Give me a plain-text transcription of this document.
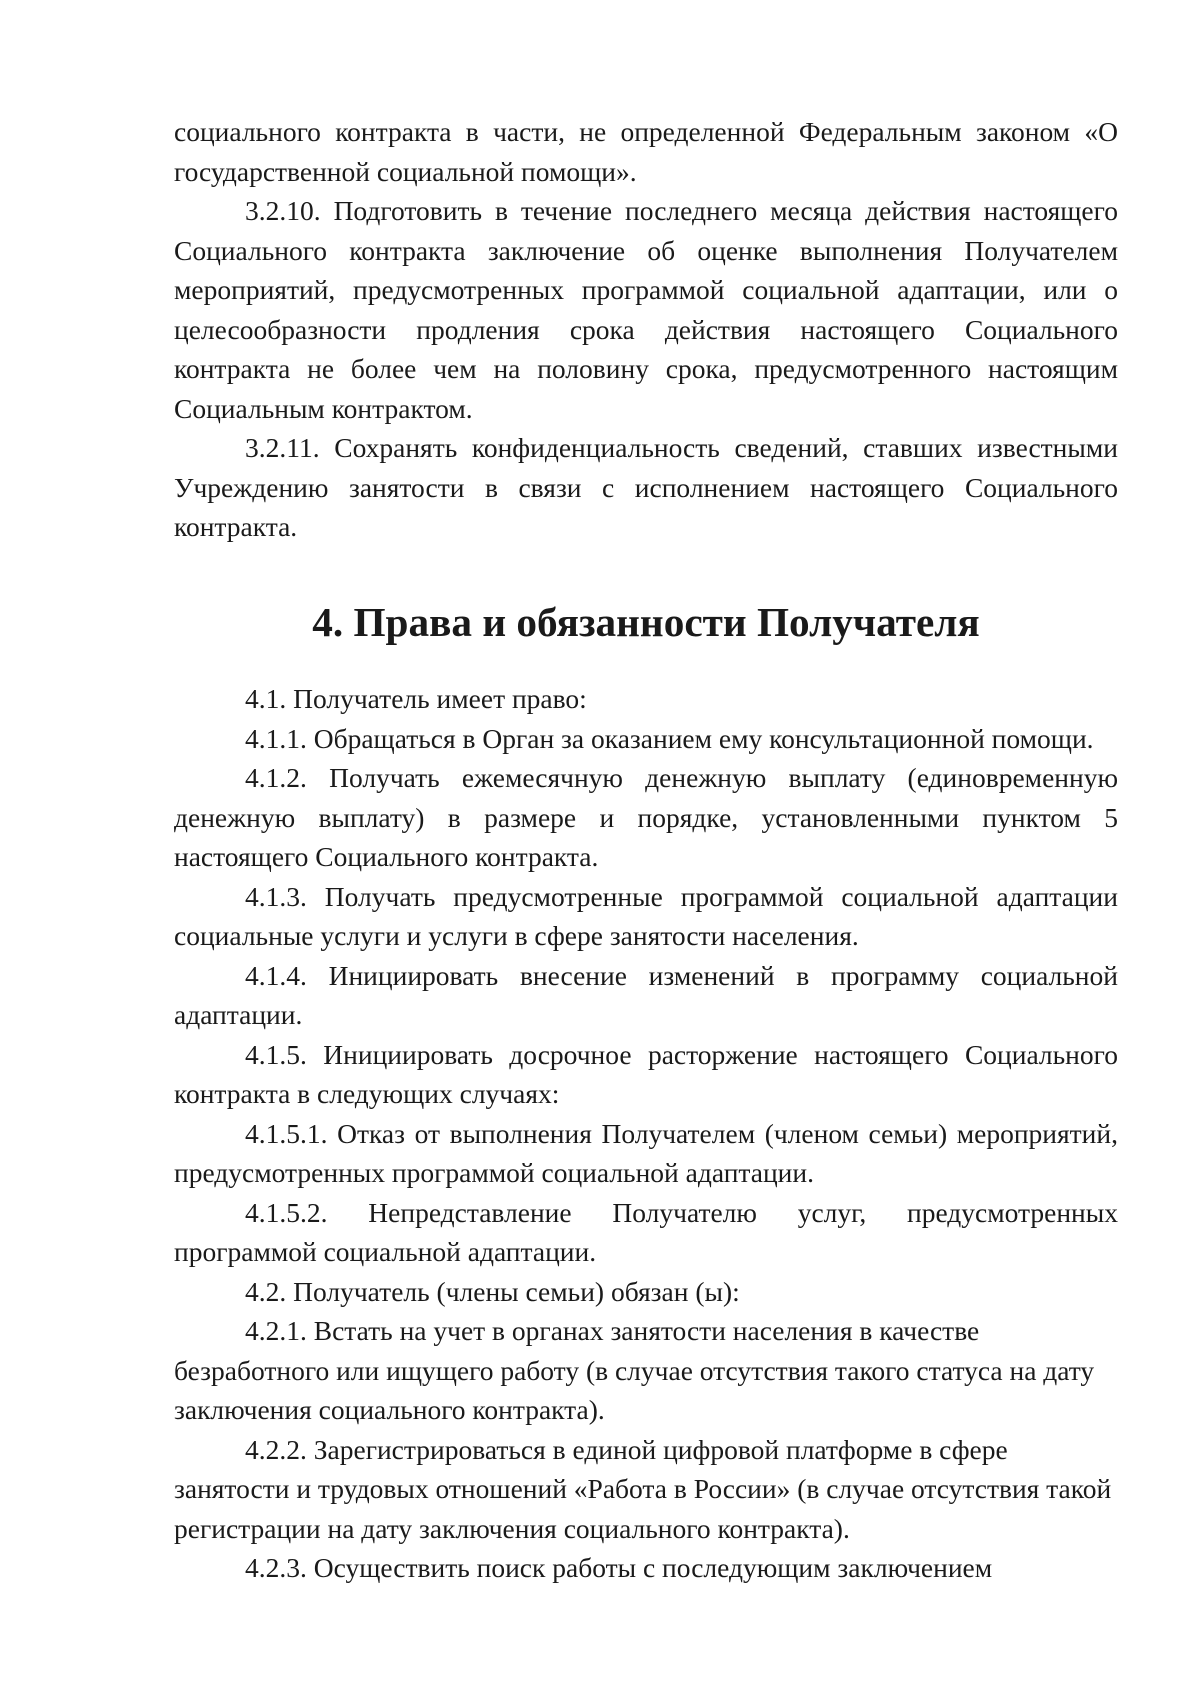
социального контракта в части, не определенной Федеральным законом «О государственной социальной помощи».

3.2.10. Подготовить в течение последнего месяца действия настоящего Социального контракта заключение об оценке выполнения Получателем мероприятий, предусмотренных программой социальной адаптации, или о целесообразности продления срока действия настоящего Социального контракта не более чем на половину срока, предусмотренного настоящим Социальным контрактом.

3.2.11. Сохранять конфиденциальность сведений, ставших известными Учреждению занятости в связи с исполнением настоящего Социального контракта.

4. Права и обязанности Получателя

4.1. Получатель имеет право:

4.1.1. Обращаться в Орган за оказанием ему консультационной помощи.

4.1.2. Получать ежемесячную денежную выплату (единовременную денежную выплату) в размере и порядке, установленными пунктом 5 настоящего Социального контракта.

4.1.3. Получать предусмотренные программой социальной адаптации социальные услуги и услуги в сфере занятости населения.

4.1.4. Инициировать внесение изменений в программу социальной адаптации.

4.1.5. Инициировать досрочное расторжение настоящего Социального контракта в следующих случаях:

4.1.5.1. Отказ от выполнения Получателем (членом семьи) мероприятий, предусмотренных программой социальной адаптации.

4.1.5.2. Непредставление Получателю услуг, предусмотренных программой социальной адаптации.

4.2. Получатель (члены семьи) обязан (ы):

4.2.1. Встать на учет в органах занятости населения в качестве безработного или ищущего работу (в случае отсутствия такого статуса на дату заключения социального контракта).

4.2.2. Зарегистрироваться в единой цифровой платформе в сфере занятости и трудовых отношений «Работа в России» (в случае отсутствия такой регистрации на дату заключения социального контракта).

4.2.3. Осуществить поиск работы с последующим заключением
